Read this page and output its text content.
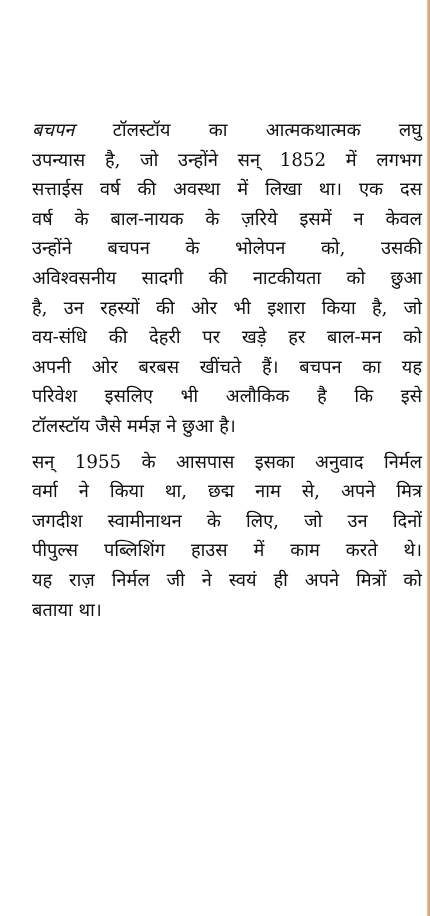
बचपन टॉलस्टॉय का आत्मकथात्मक लघु
उपन्यास है, जो उन्होंने सन् 1852 में लगभग
सत्ताईस वर्ष की अवस्था में लिखा था। एक दस
वर्ष के बाल-नायक के ज़रिये इसमें न केवल
उन्होंने बचपन के भोलेपन को, उसकी
अविश्वसनीय सादगी की नाटकीयता को छुआ
है, उन रहस्यों की ओर भी इशारा किया है, जो
वय-संधि की देहरी पर खड़े हर बाल-मन को
अपनी ओर बरबस खींचते हैं। बचपन का यह
परिवेश इसलिए भी अलौकिक है कि इसे
टॉलस्टॉय जैसे मर्मज्ञ ने छुआ है।

सन् 1955 के आसपास इसका अनुवाद निर्मल
वर्मा ने किया था, छद्म नाम से, अपने मित्र
जगदीश स्वामीनाथन के लिए, जो उन दिनों
पीपुल्स पब्लिशिंग हाउस में काम करते थे।
यह राज़ निर्मल जी ने स्वयं ही अपने मित्रों को
बताया था।
